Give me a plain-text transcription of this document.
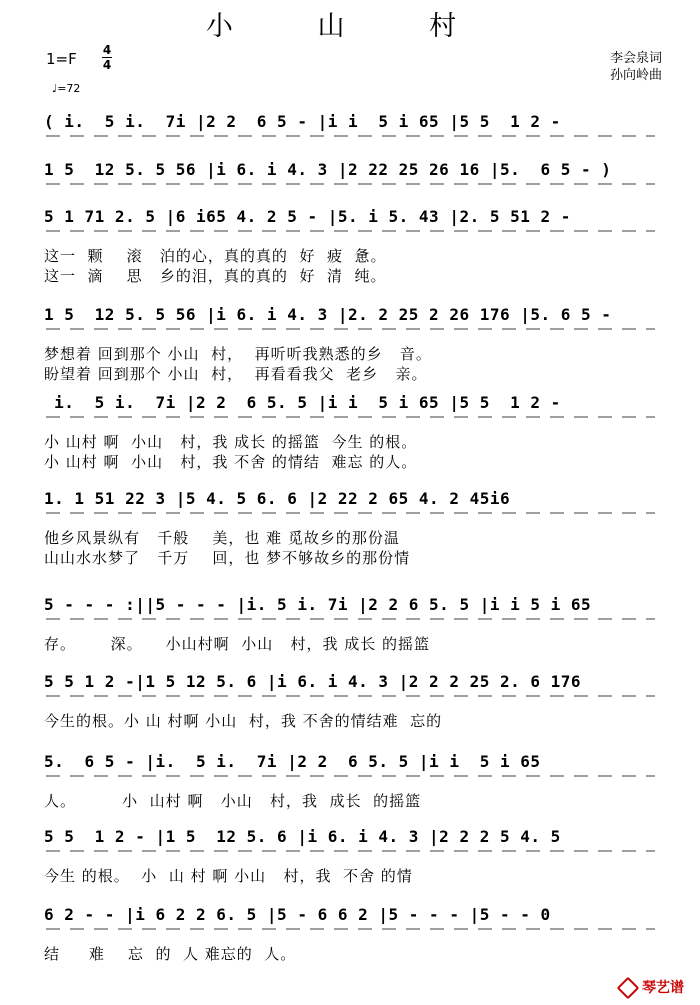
小 山 村
1=F 4
4
♩=72
李会泉词
孙向岭曲
( i.  5 i.  7i |2 2  6 5 - |i i  5 i 65 |5 5  1 2 -
1 5  12 5. 5 56 |i 6. i 4. 3 |2 22 25 26 16 |5.  6 5 - )
5 1 71 2. 5 |6 i65 4. 2 5 - |5. i 5. 43 |2. 5 51 2 -
这一  颗    滚   泊的心，真的真的  好  疲  惫。
这一  滴    思   乡的泪，真的真的  好  清  纯。
1 5  12 5. 5 56 |i 6. i 4. 3 |2. 2 25 2 26 176 |5. 6 5 -
梦想着 回到那个 小山  村，  再听听我熟悉的乡   音。
盼望着 回到那个 小山  村，  再看看我父  老乡   亲。
i.  5 i.  7i |2 2  6 5. 5 |i i  5 i 65 |5 5  1 2 -
小 山村 啊  小山   村，我 成长 的摇篮  今生 的根。
小 山村 啊  小山   村，我 不舍 的情结  难忘 的人。
1. 1 51 22 3 |5 4. 5 6. 6 |2 22 2 65 4. 2 45i6
他乡风景纵有   千般    美，也 难 觅故乡的那份温
山山水水梦了   千万    回，也 梦不够故乡的那份情
5 - - - :||5 - - - |i. 5 i. 7i |2 2 6 5. 5 |i i 5 i 65
存。      深。    小山村啊  小山   村，我 成长 的摇篮
5 5 1 2 -|1 5 12 5. 6 |i 6. i 4. 3 |2 2 2 25 2. 6 176
今生的根。小 山 村啊 小山  村，我 不舍的情结难  忘的
5.  6 5 - |i.  5 i.  7i |2 2  6 5. 5 |i i  5 i 65
人。        小  山村 啊   小山   村，我  成长  的摇篮
5 5  1 2 - |1 5  12 5. 6 |i 6. i 4. 3 |2 2 2 5 4. 5
今生 的根。  小  山 村 啊 小山   村，我  不舍 的情
6 2 - - |i 6 2 2 6. 5 |5 - 6 6 2 |5 - - - |5 - - 0
结     难    忘  的  人 难忘的  人。
琴艺谱
